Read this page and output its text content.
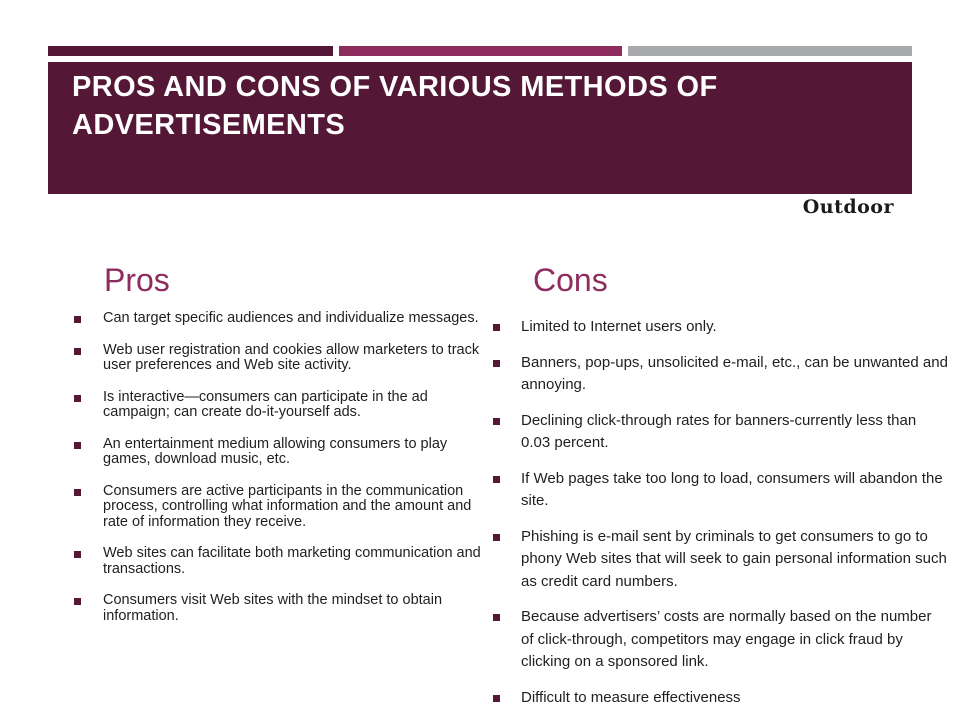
PROS AND CONS OF VARIOUS METHODS OF ADVERTISEMENTS
Outdoor
Pros	Cons
Can target specific audiences and individualize messages.
Web user registration and cookies allow marketers to track user preferences and Web site activity.
Is interactive—consumers can participate in the ad campaign; can create do-it-yourself ads.
An entertainment medium allowing consumers to play games, download music, etc.
Consumers are active participants in the communication process, controlling what information and the amount and rate of information they receive.
Web sites can facilitate both marketing communication and transactions.
Consumers visit Web sites with the mindset to obtain information.
Limited to Internet users only.
Banners, pop-ups, unsolicited e-mail, etc., can be unwanted and annoying.
Declining click-through rates for banners-currently less than 0.03 percent.
If Web pages take too long to load, consumers will abandon the site.
Phishing is e-mail sent by criminals to get consumers to go to phony Web sites that will seek to gain personal information such as credit card numbers.
Because advertisers’ costs are normally based on the number of click-through, competitors may engage in click fraud by clicking on a sponsored link.
Difficult to measure effectiveness
